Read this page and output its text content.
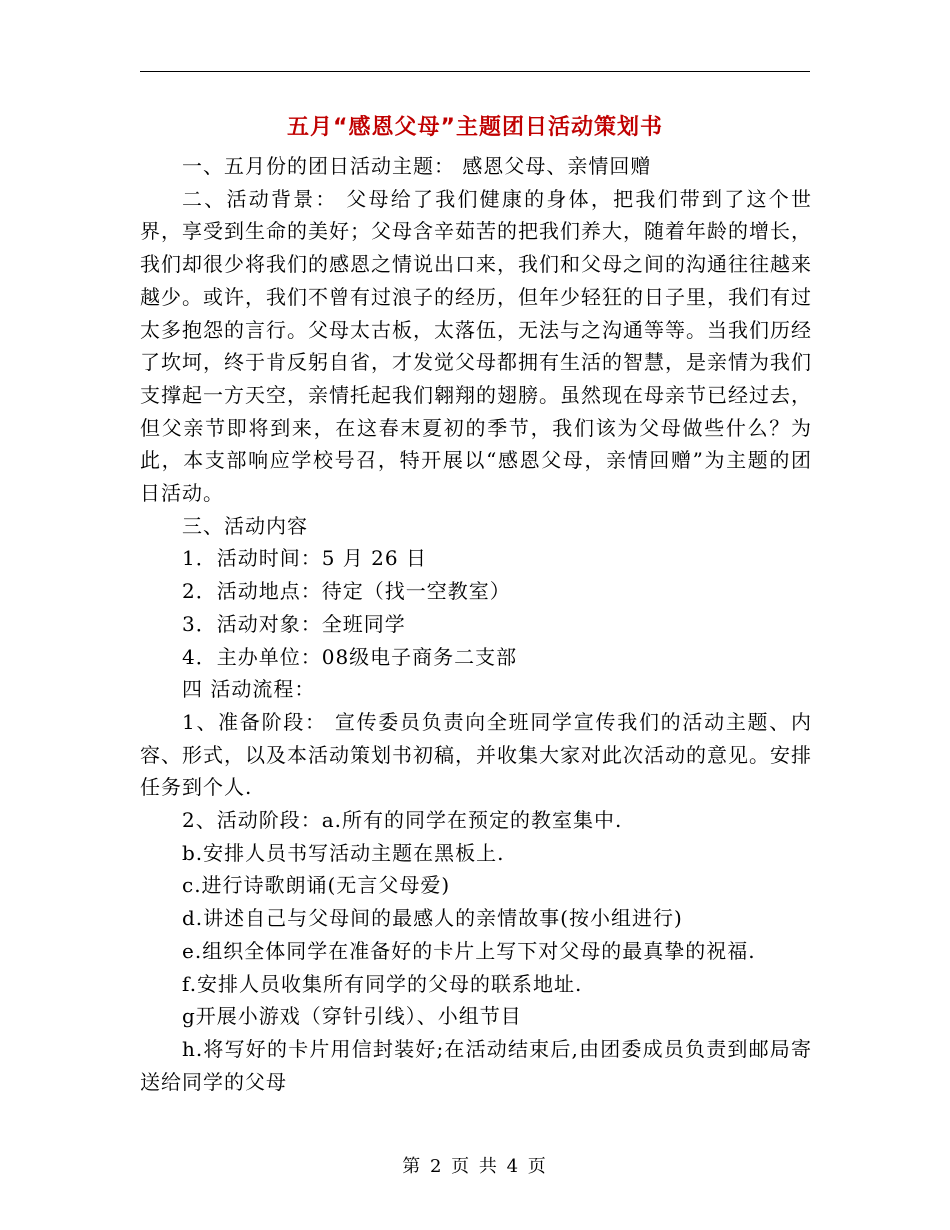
五月“感恩父母”主题团日活动策划书

一、五月份的团日活动主题： 感恩父母、亲情回赠

二、活动背景： 父母给了我们健康的身体，把我们带到了这个世界，享受到生命的美好；父母含辛茹苦的把我们养大，随着年龄的增长，我们却很少将我们的感恩之情说出口来，我们和父母之间的沟通往往越来越少。或许，我们不曾有过浪子的经历，但年少轻狂的日子里，我们有过太多抱怨的言行。父母太古板，太落伍，无法与之沟通等等。当我们历经了坎坷，终于肯反躬自省，才发觉父母都拥有生活的智慧，是亲情为我们支撑起一方天空，亲情托起我们翱翔的翅膀。虽然现在母亲节已经过去，但父亲节即将到来，在这春末夏初的季节，我们该为父母做些什么？为此，本支部响应学校号召，特开展以“感恩父母，亲情回赠”为主题的团日活动。

三、活动内容

1．活动时间：5 月 26 日

2．活动地点：待定（找一空教室）

3．活动对象：全班同学

4．主办单位：08级电子商务二支部

四 活动流程：

1、准备阶段： 宣传委员负责向全班同学宣传我们的活动主题、内容、形式，以及本活动策划书初稿，并收集大家对此次活动的意见。安排任务到个人.

2、活动阶段：a.所有的同学在预定的教室集中.

b.安排人员书写活动主题在黑板上.

c.进行诗歌朗诵(无言父母爱)

d.讲述自己与父母间的最感人的亲情故事(按小组进行)

e.组织全体同学在准备好的卡片上写下对父母的最真挚的祝福.

f.安排人员收集所有同学的父母的联系地址.

g开展小游戏（穿针引线）、小组节目

h.将写好的卡片用信封装好;在活动结束后,由团委成员负责到邮局寄送给同学的父母

第 2 页 共 4 页
